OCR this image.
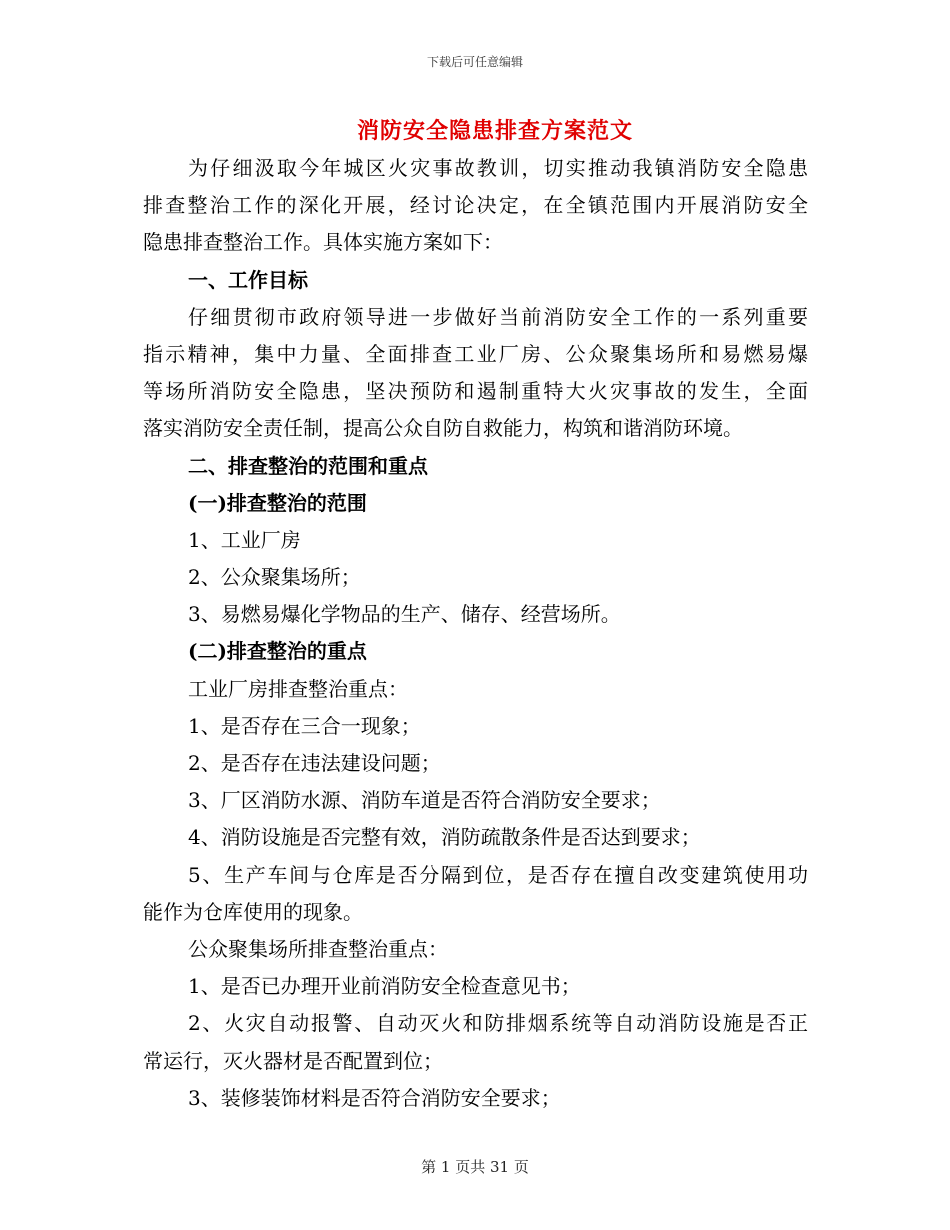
下载后可任意编辑
消防安全隐患排查方案范文
为仔细汲取今年城区火灾事故教训，切实推动我镇消防安全隐患
排查整治工作的深化开展，经讨论决定，在全镇范围内开展消防安全
隐患排查整治工作。具体实施方案如下：
一、工作目标
仔细贯彻市政府领导进一步做好当前消防安全工作的一系列重要
指示精神，集中力量、全面排查工业厂房、公众聚集场所和易燃易爆
等场所消防安全隐患，坚决预防和遏制重特大火灾事故的发生，全面
落实消防安全责任制，提高公众自防自救能力，构筑和谐消防环境。
二、排查整治的范围和重点
(一)排查整治的范围
1、工业厂房
2、公众聚集场所；
3、易燃易爆化学物品的生产、储存、经营场所。
(二)排查整治的重点
工业厂房排查整治重点：
1、是否存在三合一现象；
2、是否存在违法建设问题；
3、厂区消防水源、消防车道是否符合消防安全要求；
4、消防设施是否完整有效，消防疏散条件是否达到要求；
5、生产车间与仓库是否分隔到位，是否存在擅自改变建筑使用功
能作为仓库使用的现象。
公众聚集场所排查整治重点：
1、是否已办理开业前消防安全检查意见书；
2、火灾自动报警、自动灭火和防排烟系统等自动消防设施是否正
常运行，灭火器材是否配置到位；
3、装修装饰材料是否符合消防安全要求；
第 1 页共 31 页
